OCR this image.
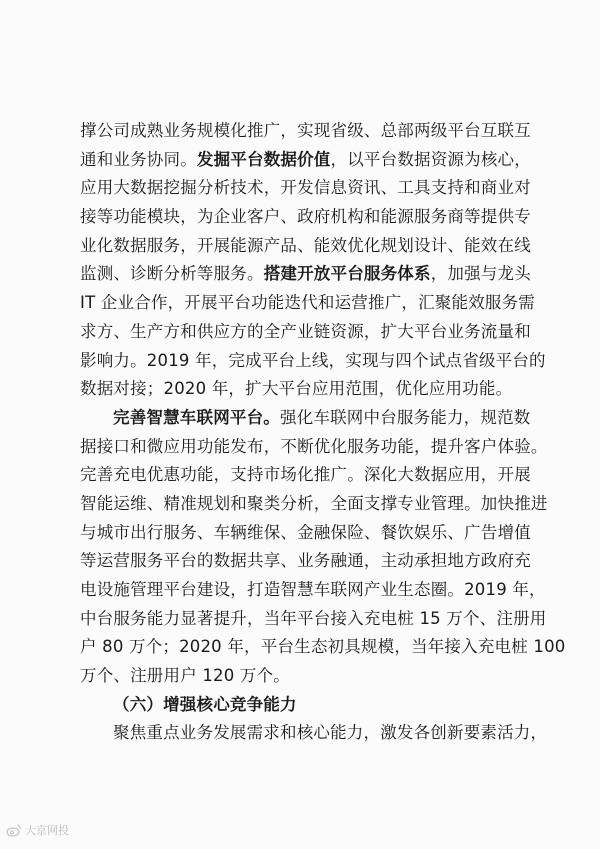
撑公司成熟业务规模化推广，实现省级、总部两级平台互联互
通和业务协同。发掘平台数据价值，以平台数据资源为核心，
应用大数据挖掘分析技术，开发信息资讯、工具支持和商业对
接等功能模块，为企业客户、政府机构和能源服务商等提供专
业化数据服务，开展能源产品、能效优化规划设计、能效在线
监测、诊断分析等服务。搭建开放平台服务体系，加强与龙头
IT 企业合作，开展平台功能迭代和运营推广，汇聚能效服务需
求方、生产方和供应方的全产业链资源，扩大平台业务流量和
影响力。2019 年，完成平台上线，实现与四个试点省级平台的
数据对接；2020 年，扩大平台应用范围，优化应用功能。
完善智慧车联网平台。强化车联网中台服务能力，规范数
据接口和微应用功能发布，不断优化服务功能，提升客户体验。
完善充电优惠功能，支持市场化推广。深化大数据应用，开展
智能运维、精准规划和聚类分析，全面支撑专业管理。加快推进
与城市出行服务、车辆维保、金融保险、餐饮娱乐、广告增值
等运营服务平台的数据共享、业务融通，主动承担地方政府充
电设施管理平台建设，打造智慧车联网产业生态圈。2019 年，
中台服务能力显著提升，当年平台接入充电桩 15 万个、注册用
户 80 万个；2020 年，平台生态初具规模，当年接入充电桩 100
万个、注册用户 120 万个。
（六）增强核心竞争能力
聚焦重点业务发展需求和核心能力，激发各创新要素活力，
大京网投
